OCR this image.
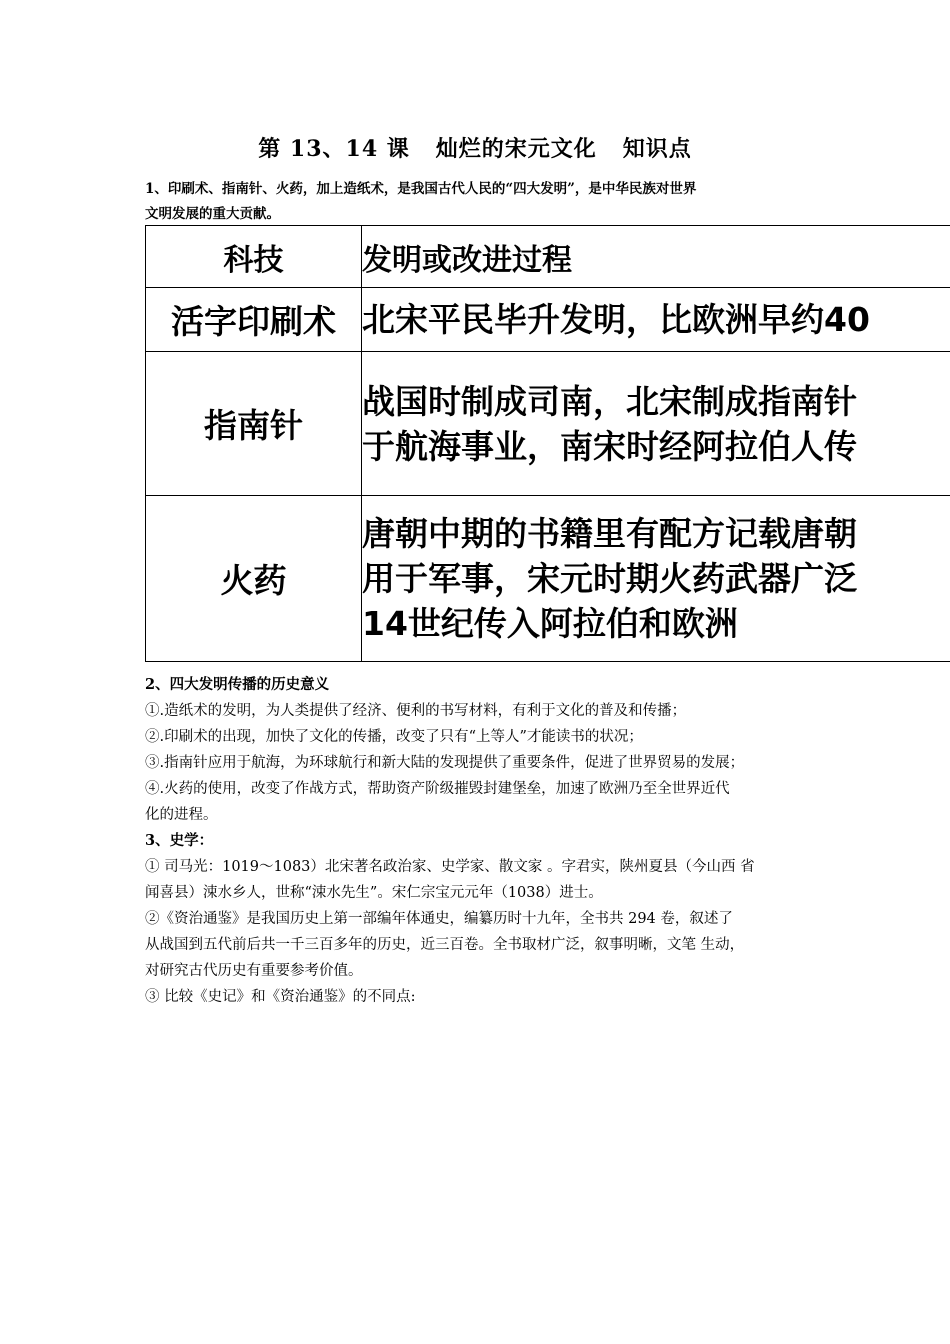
第 13、14 课   灿烂的宋元文化   知识点
1、印刷术、指南针、火药，加上造纸术，是我国古代人民的“四大发明”，是中华民族对世界
文明发展的重大贡献。
科技	发明或改进过程
活字印刷术	北宋平民毕升发明，比欧洲早约40

指南针	战国时制成司南，北宋制成指南针
于航海事业，南宋时经阿拉伯人传

火药	唐朝中期的书籍里有配方记载唐朝
用于军事，宋元时期火药武器广泛
14世纪传入阿拉伯和欧洲
2、四大发明传播的历史意义
①.造纸术的发明，为人类提供了经济、便利的书写材料，有利于文化的普及和传播；
②.印刷术的出现，加快了文化的传播，改变了只有“上等人”才能读书的状况；
③.指南针应用于航海，为环球航行和新大陆的发现提供了重要条件，促进了世界贸易的发展；
④.火药的使用，改变了作战方式，帮助资产阶级摧毁封建堡垒，加速了欧洲乃至全世界近代
化的进程。
3、史学：
① 司马光：1019～1083）北宋著名政治家、史学家、散文家 。字君实，陕州夏县（今山西 省
闻喜县）涑水乡人，世称“涑水先生”。宋仁宗宝元元年（1038）进士。
②《资治通鉴》是我国历史上第一部编年体通史，编纂历时十九年，全书共 294 卷，叙述了
从战国到五代前后共一千三百多年的历史，近三百卷。全书取材广泛，叙事明晰，文笔 生动，
对研究古代历史有重要参考价值。
③ 比较《史记》和《资治通鉴》的不同点:
